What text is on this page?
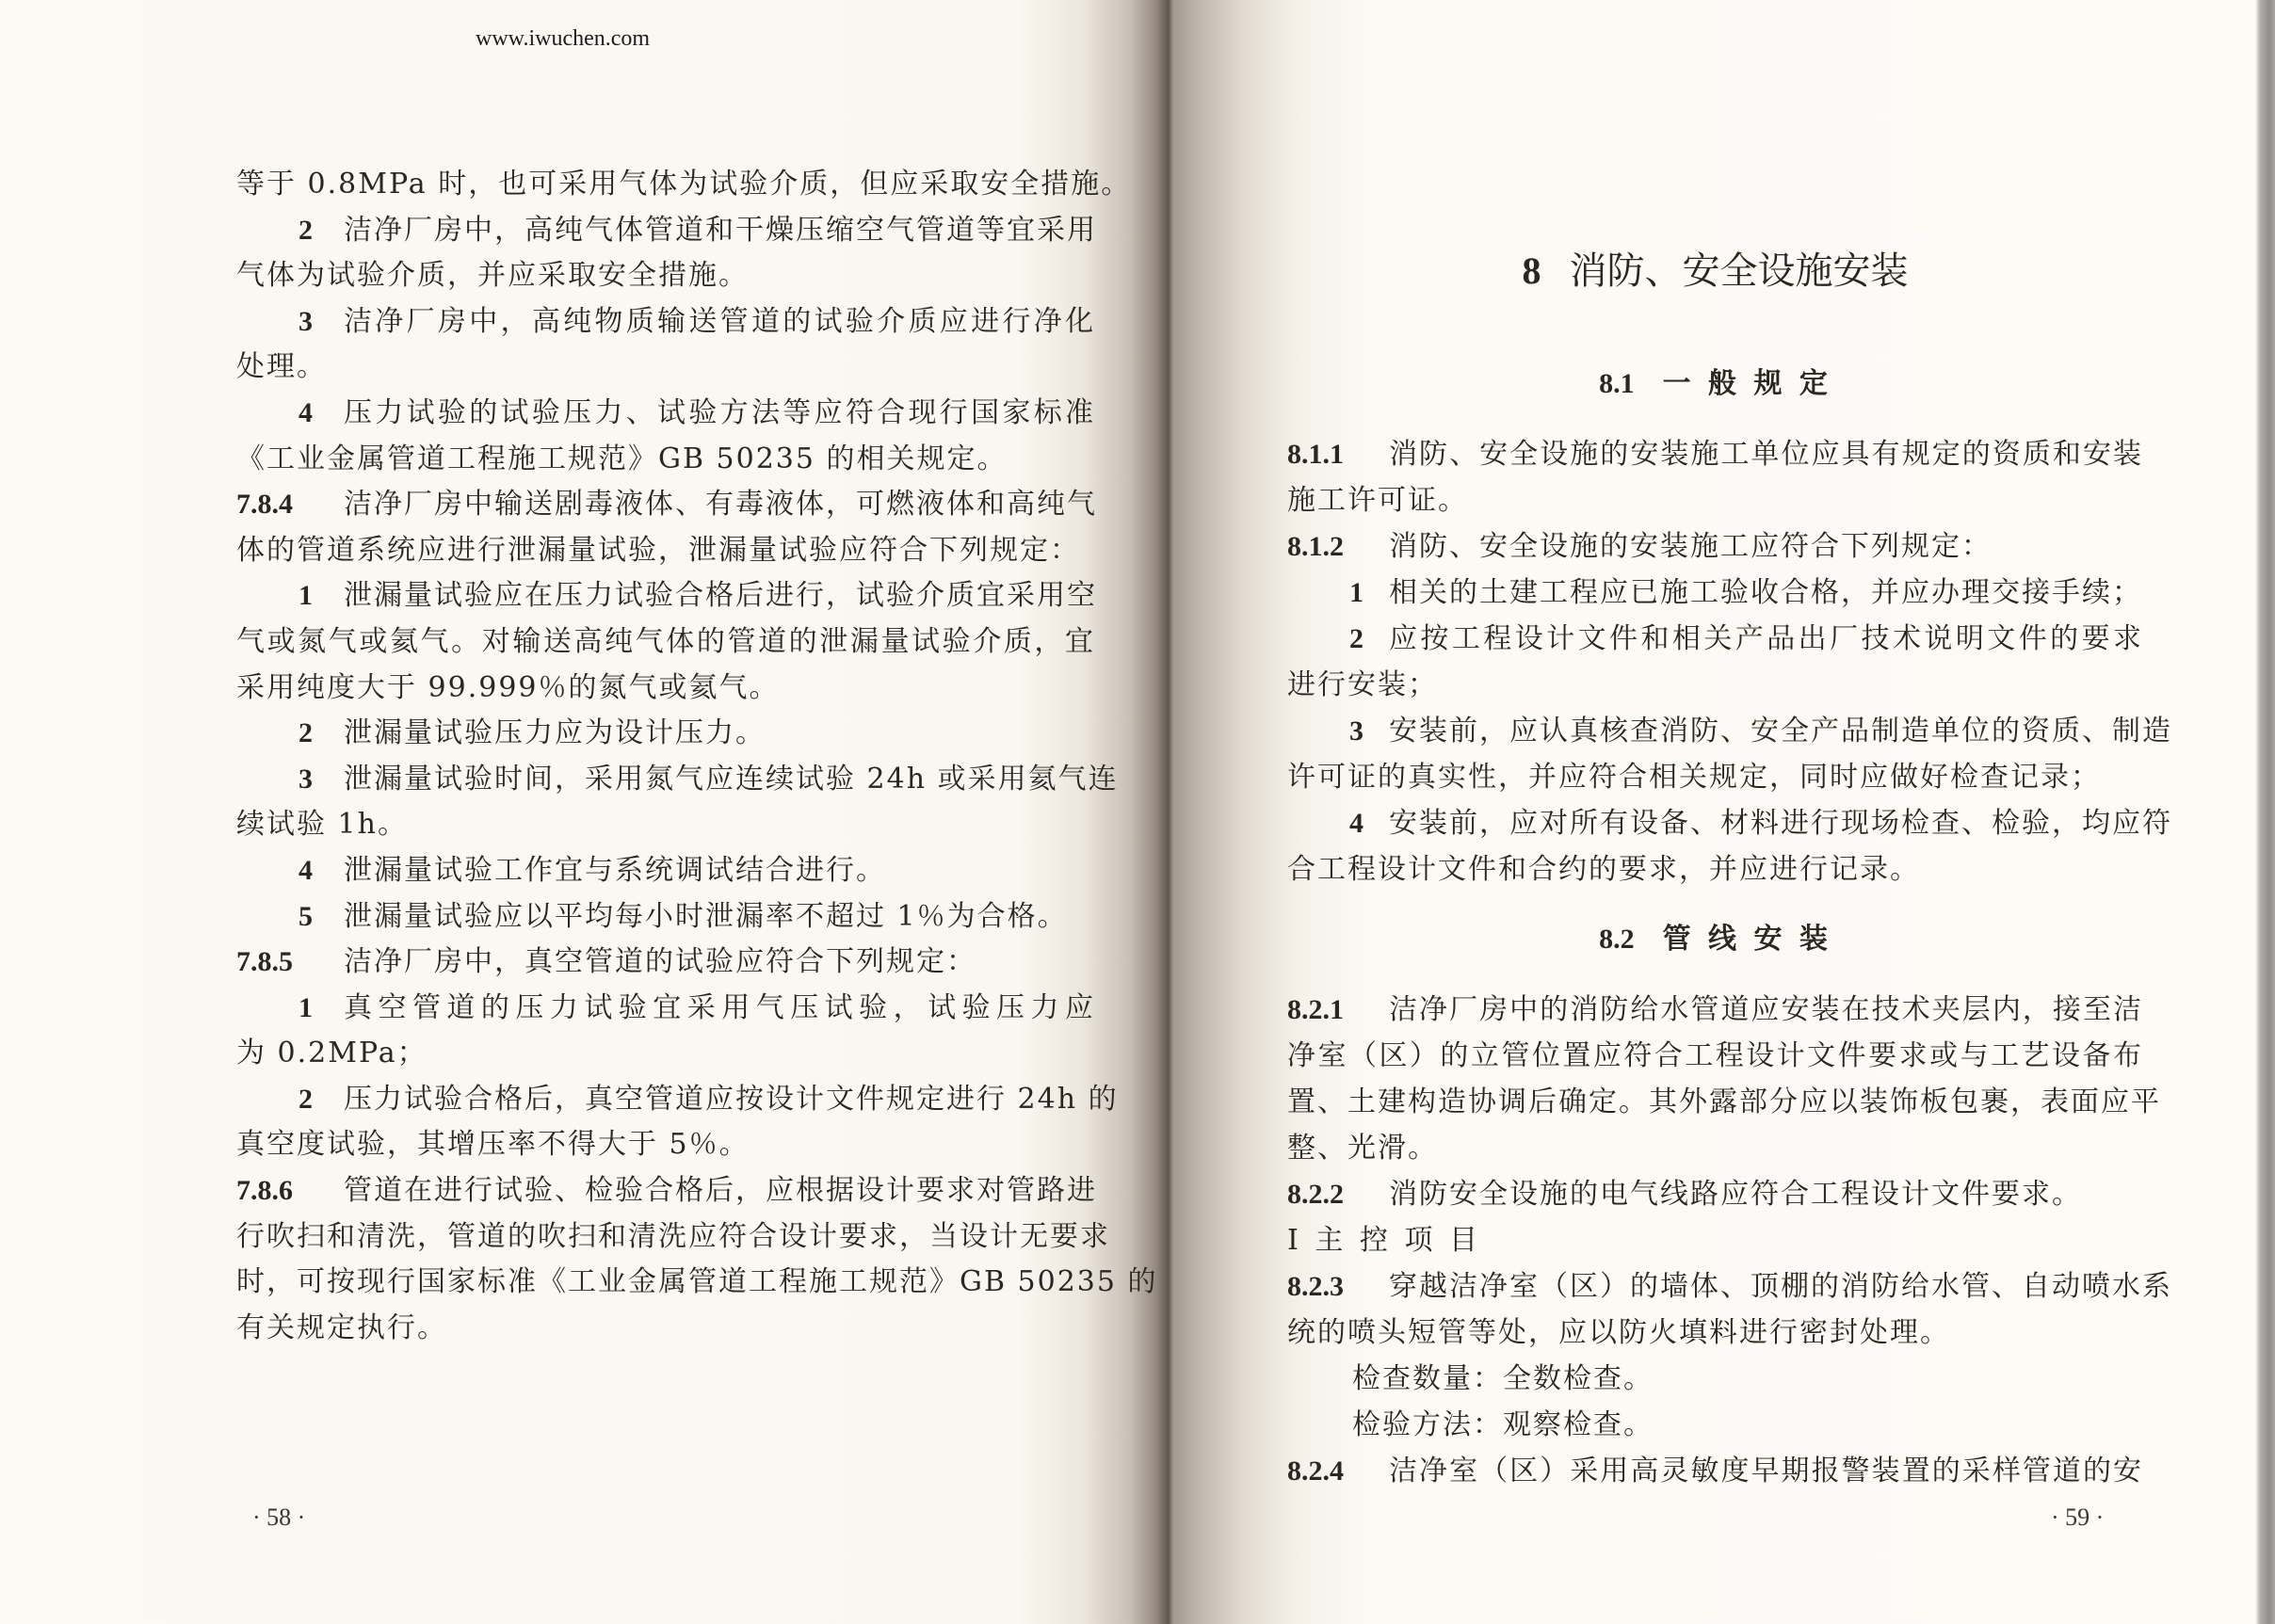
www.iwuchen.com
等于 0.8MPa 时，也可采用气体为试验介质，但应采取安全措施。
2	洁净厂房中，高纯气体管道和干燥压缩空气管道等宜采用
气体为试验介质，并应采取安全措施。
3	洁净厂房中，高纯物质输送管道的试验介质应进行净化
处理。
4	压力试验的试验压力、试验方法等应符合现行国家标准
《工业金属管道工程施工规范》GB 50235 的相关规定。
7.8.4	洁净厂房中输送剧毒液体、有毒液体，可燃液体和高纯气
体的管道系统应进行泄漏量试验，泄漏量试验应符合下列规定：
1	泄漏量试验应在压力试验合格后进行，试验介质宜采用空
气或氮气或氦气。对输送高纯气体的管道的泄漏量试验介质，宜
采用纯度大于 99.999％的氮气或氦气。
2	泄漏量试验压力应为设计压力。
3	泄漏量试验时间，采用氮气应连续试验 24h 或采用氦气连
续试验 1h。
4	泄漏量试验工作宜与系统调试结合进行。
5	泄漏量试验应以平均每小时泄漏率不超过 1％为合格。
7.8.5	洁净厂房中，真空管道的试验应符合下列规定：
1	真空管道的压力试验宜采用气压试验，试验压力应
为 0.2MPa；
2	压力试验合格后，真空管道应按设计文件规定进行 24h 的
真空度试验，其增压率不得大于 5％。
7.8.6	管道在进行试验、检验合格后，应根据设计要求对管路进
行吹扫和清洗，管道的吹扫和清洗应符合设计要求，当设计无要求
时，可按现行国家标准《工业金属管道工程施工规范》GB 50235 的
有关规定执行。
· 58 ·
8 消防、安全设施安装
8.1 一 般 规 定
8.1.1	消防、安全设施的安装施工单位应具有规定的资质和安装
施工许可证。
8.1.2	消防、安全设施的安装施工应符合下列规定：
1 相关的土建工程应已施工验收合格，并应办理交接手续；
2 应按工程设计文件和相关产品出厂技术说明文件的要求
进行安装；
3 安装前，应认真核查消防、安全产品制造单位的资质、制造
许可证的真实性，并应符合相关规定，同时应做好检查记录；
4 安装前，应对所有设备、材料进行现场检查、检验，均应符
合工程设计文件和合约的要求，并应进行记录。
8.2 管 线 安 装
8.2.1	洁净厂房中的消防给水管道应安装在技术夹层内，接至洁
净室（区）的立管位置应符合工程设计文件要求或与工艺设备布
置、土建构造协调后确定。其外露部分应以装饰板包裹，表面应平
整、光滑。
8.2.2	消防安全设施的电气线路应符合工程设计文件要求。
Ⅰ 主 控 项 目
8.2.3	穿越洁净室（区）的墙体、顶棚的消防给水管、自动喷水系
统的喷头短管等处，应以防火填料进行密封处理。
检查数量：全数检查。
检验方法：观察检查。
8.2.4	洁净室（区）采用高灵敏度早期报警装置的采样管道的安
· 59 ·
